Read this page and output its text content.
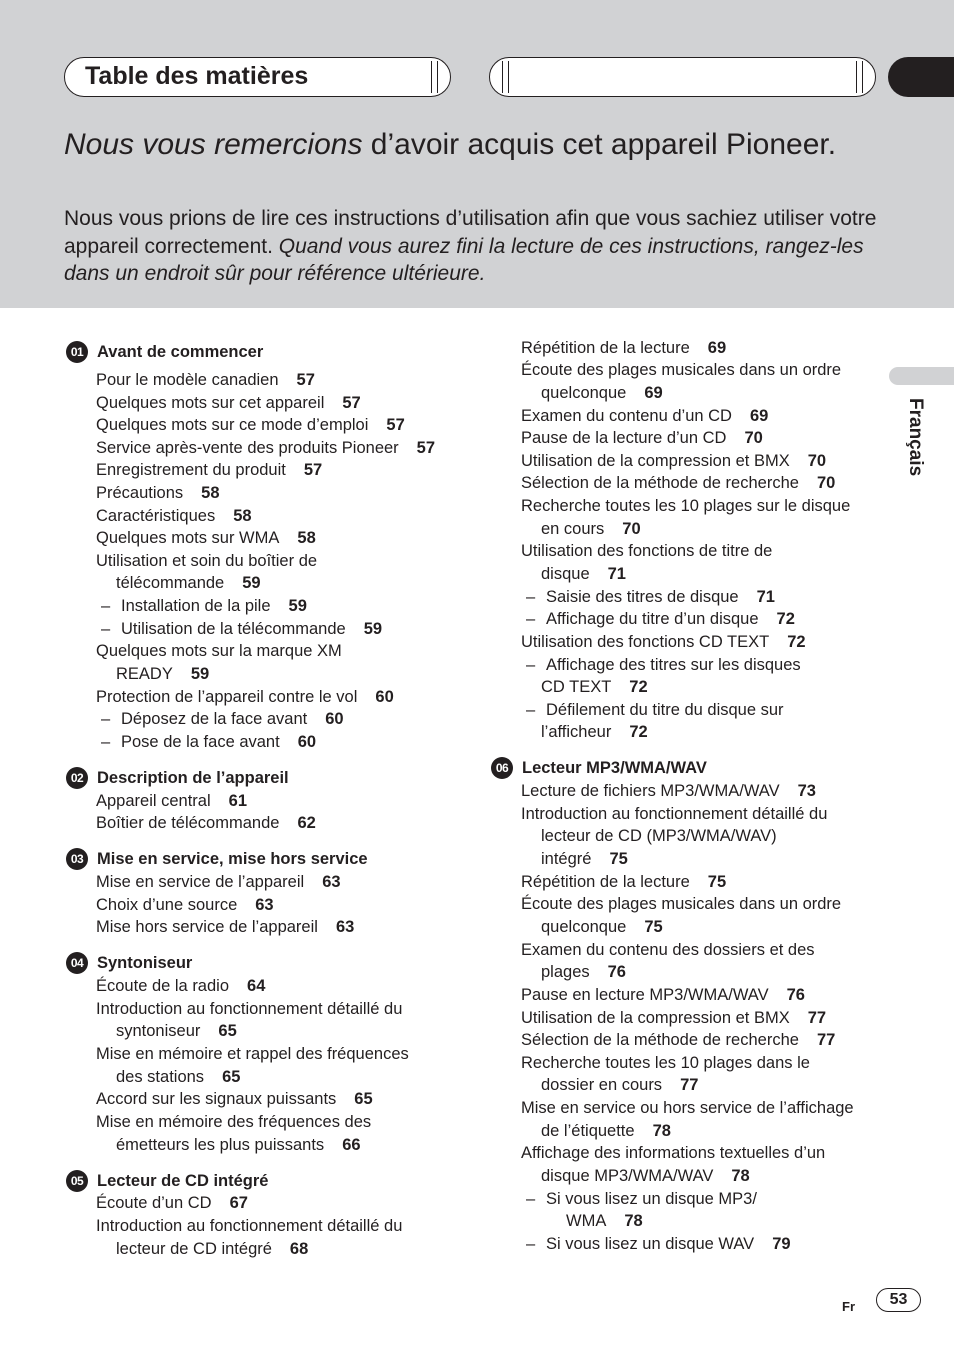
Table des matières
Nous vous remercions d’avoir acquis cet appareil Pioneer.
Nous vous prions de lire ces instructions d’utilisation afin que vous sachiez utiliser votre appareil correctement. Quand vous aurez fini la lecture de ces instructions, rangez-les dans un endroit sûr pour référence ultérieure.
Français
01 Avant de commencer
02 Description de l’appareil
03 Mise en service, mise hors service
04 Syntoniseur
05 Lecteur de CD intégré
06 Lecteur MP3/WMA/WAV
Pour le modèle canadien 57
Quelques mots sur cet appareil 57
Quelques mots sur ce mode d’emploi 57
Service après-vente des produits Pioneer 57
Enregistrement du produit 57
Précautions 58
Caractéristiques 58
Quelques mots sur WMA 58
Utilisation et soin du boîtier de
télécommande 59
– Installation de la pile 59
– Utilisation de la télécommande 59
Quelques mots sur la marque XM
READY 59
Protection de l’appareil contre le vol 60
– Déposez de la face avant 60
– Pose de la face avant 60
Appareil central 61
Boîtier de télécommande 62
Mise en service de l’appareil 63
Choix d’une source 63
Mise hors service de l’appareil 63
Écoute de la radio 64
Introduction au fonctionnement détaillé du
syntoniseur 65
Mise en mémoire et rappel des fréquences
des stations 65
Accord sur les signaux puissants 65
Mise en mémoire des fréquences des
émetteurs les plus puissants 66
Écoute d’un CD 67
Introduction au fonctionnement détaillé du
lecteur de CD intégré 68
Répétition de la lecture 69
Écoute des plages musicales dans un ordre
quelconque 69
Examen du contenu d’un CD 69
Pause de la lecture d’un CD 70
Utilisation de la compression et BMX 70
Sélection de la méthode de recherche 70
Recherche toutes les 10 plages sur le disque
en cours 70
Utilisation des fonctions de titre de
disque 71
– Saisie des titres de disque 71
– Affichage du titre d’un disque 72
Utilisation des fonctions CD TEXT 72
– Affichage des titres sur les disques
CD TEXT 72
– Défilement du titre du disque sur
l’afficheur 72
Lecture de fichiers MP3/WMA/WAV 73
Introduction au fonctionnement détaillé du
lecteur de CD (MP3/WMA/WAV)
intégré 75
Répétition de la lecture 75
Écoute des plages musicales dans un ordre
quelconque 75
Examen du contenu des dossiers et des
plages 76
Pause en lecture MP3/WMA/WAV 76
Utilisation de la compression et BMX 77
Sélection de la méthode de recherche 77
Recherche toutes les 10 plages dans le
dossier en cours 77
Mise en service ou hors service de l’affichage
de l’étiquette 78
Affichage des informations textuelles d’un
disque MP3/WMA/WAV 78
– Si vous lisez un disque MP3/
WMA 78
– Si vous lisez un disque WAV 79
Fr	53
